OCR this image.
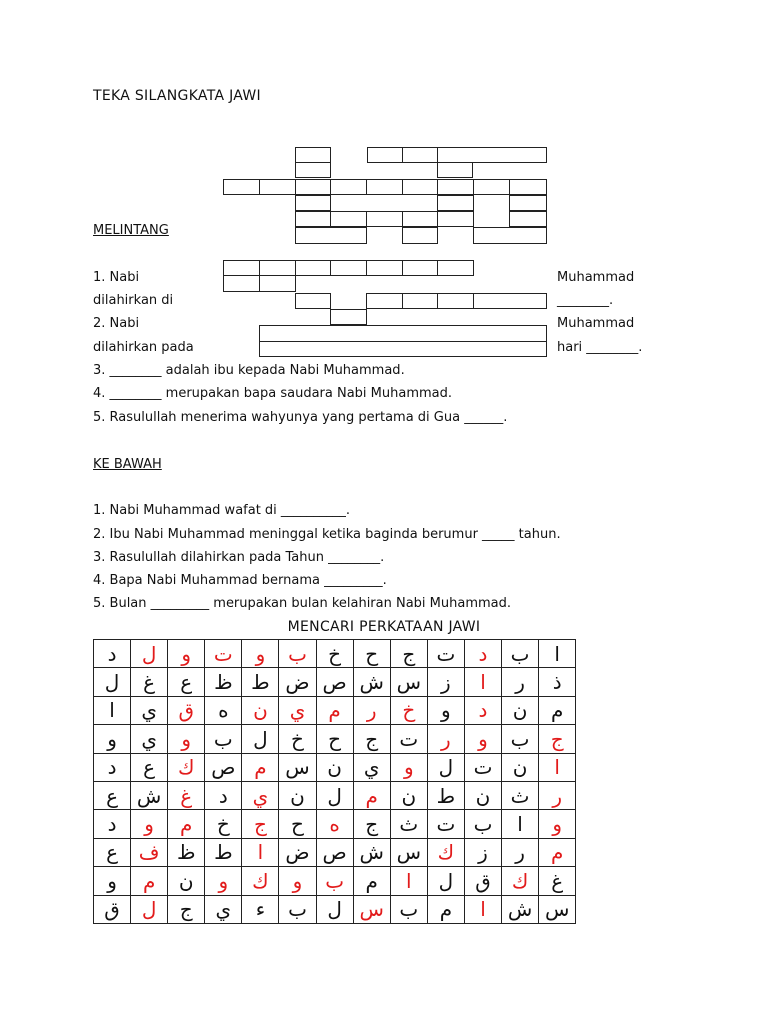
TEKA SILANGKATA JAWI
MELINTANG
1. Nabi
dilahirkan di
Muhammad
________.
2. Nabi
dilahirkan pada
Muhammad
hari ________.
3. ________ adalah ibu kepada Nabi Muhammad.
4. ________ merupakan bapa saudara Nabi Muhammad.
5. Rasulullah menerima wahyunya yang pertama di Gua ______.
KE BAWAH
1. Nabi Muhammad wafat di __________.
2. Ibu Nabi Muhammad meninggal ketika baginda berumur _____ tahun.
3. Rasulullah dilahirkan pada Tahun ________.
4. Bapa Nabi Muhammad bernama _________.
5. Bulan _________ merupakan bulan kelahiran Nabi Muhammad.
MENCARI PERKATAAN JAWI
د	ل	و	ت	و	ب	خ	ح	ج	ت	د	ب	ا
ل	غ	ع	ظ	ط	ض	ص	ش	س	ز	ا	ر	ذ
ا	ي	ق	ه	ن	ي	م	ر	خ	و	د	ن	م
و	ي	و	ب	ل	خ	ح	ج	ت	ر	و	ب	ج
د	ع	ك	ص	م	س	ن	ي	و	ل	ت	ن	ا
ع	ش	غ	د	ي	ن	ل	م	ن	ط	ن	ث	ر
د	و	م	خ	ج	ح	ه	ج	ث	ت	ب	ا	و
ع	ف	ظ	ط	ا	ض	ص	ش	س	ك	ز	ر	م
و	م	ن	و	ك	و	ب	م	ا	ل	ق	ك	غ
ق	ل	ج	ي	ء	ب	ل	س	ب	م	ا	ش	س
